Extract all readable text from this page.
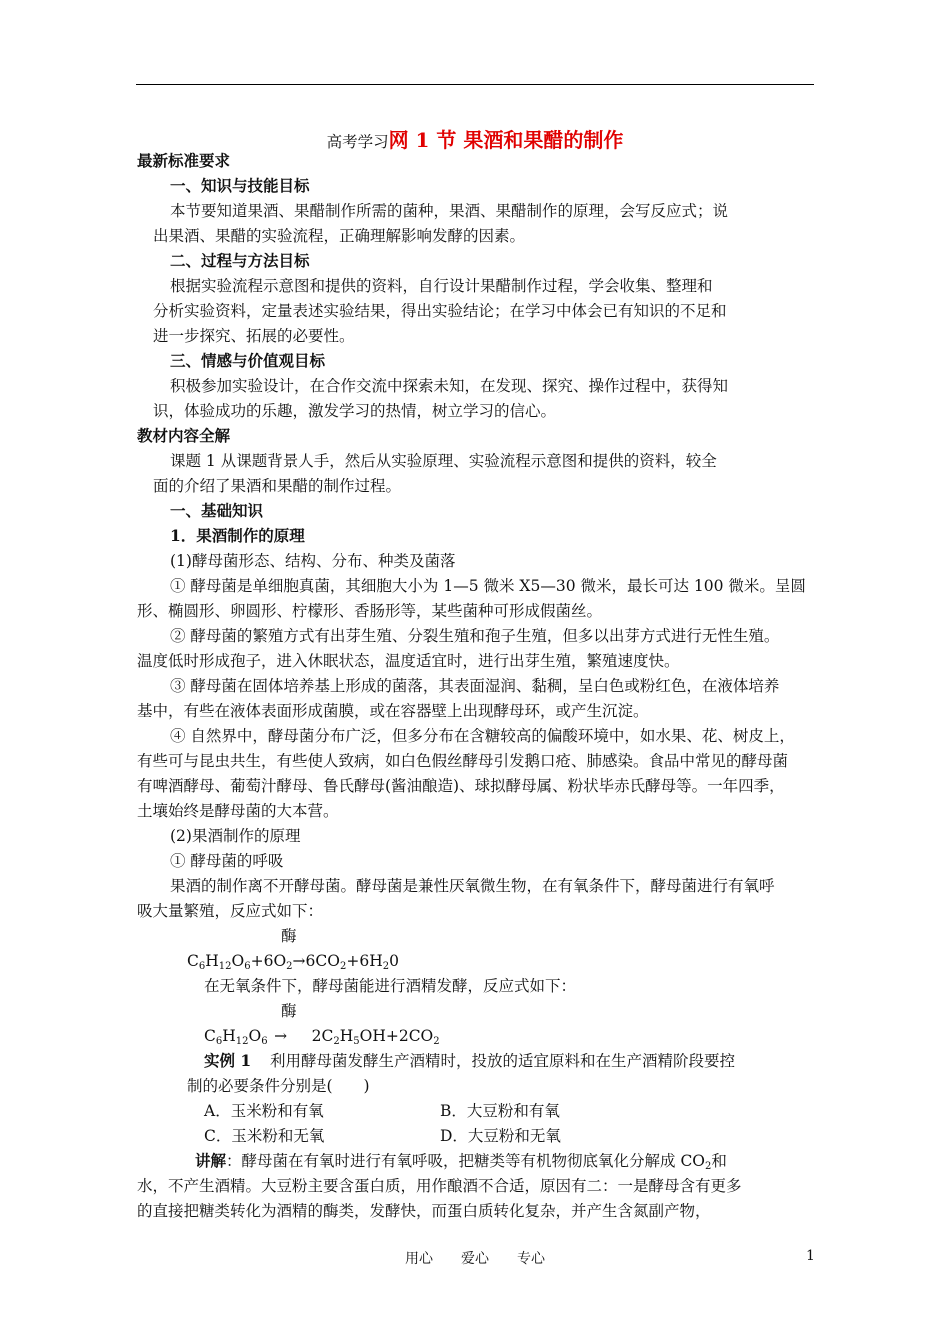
高考学习网 1 节 果酒和果醋的制作
最新标准要求
一、知识与技能目标
本节要知道果酒、果醋制作所需的菌种，果酒、果醋制作的原理，会写反应式；说
出果酒、果醋的实验流程，正确理解影响发酵的因素。
二、过程与方法目标
根据实验流程示意图和提供的资料，自行设计果醋制作过程，学会收集、整理和
分析实验资料，定量表述实验结果，得出实验结论；在学习中体会已有知识的不足和
进一步探究、拓展的必要性。
三、情感与价值观目标
积极参加实验设计，在合作交流中探索未知，在发现、探究、操作过程中，获得知
识，体验成功的乐趣，激发学习的热情，树立学习的信心。
教材内容全解
课题 1 从课题背景人手，然后从实验原理、实验流程示意图和提供的资料，较全
面的介绍了果酒和果醋的制作过程。
一、基础知识
1．果酒制作的原理
(1)酵母菌形态、结构、分布、种类及菌落
① 酵母菌是单细胞真菌，其细胞大小为 1—5 微米 X5—30 微米，最长可达 100 微米。呈圆
形、椭圆形、卵圆形、柠檬形、香肠形等，某些菌种可形成假菌丝。
② 酵母菌的繁殖方式有出芽生殖、分裂生殖和孢子生殖，但多以出芽方式进行无性生殖。
温度低时形成孢子，进入休眠状态，温度适宜时，进行出芽生殖，繁殖速度快。
③ 酵母菌在固体培养基上形成的菌落，其表面湿润、黏稠，呈白色或粉红色，在液体培养
基中，有些在液体表面形成菌膜，或在容器壁上出现酵母环，或产生沉淀。
④ 自然界中，酵母菌分布广泛，但多分布在含糖较高的偏酸环境中，如水果、花、树皮上，
有些可与昆虫共生，有些使人致病，如白色假丝酵母引发鹅口疮、肺感染。食品中常见的酵母菌
有啤酒酵母、葡萄汁酵母、鲁氏酵母(酱油酿造)、球拟酵母属、粉状毕赤氏酵母等。一年四季，
土壤始终是酵母菌的大本营。
(2)果酒制作的原理
① 酵母菌的呼吸
果酒的制作离不开酵母菌。酵母菌是兼性厌氧微生物，在有氧条件下，酵母菌进行有氧呼
吸大量繁殖，反应式如下：
酶
$C_6H_{12}O_6+6O_2\to 6CO_2+6H_20$
在无氧条件下，酵母菌能进行酒精发酵，反应式如下：
酶
$C_6H_{12}O_6 \to 2C_2H_5OH+2CO_2$
实例 1 利用酵母菌发酵生产酒精时，投放的适宜原料和在生产酒精阶段要控
制的必要条件分别是(　　)
A．玉米粉和有氧	B．大豆粉和有氧
C．玉米粉和无氧	D．大豆粉和无氧
讲解：酵母菌在有氧时进行有氧呼吸，把糖类等有机物彻底氧化分解成 $CO_2$和
水，不产生酒精。大豆粉主要含蛋白质，用作酿酒不合适，原因有二：一是酵母含有更多
的直接把糖类转化为酒精的酶类，发酵快，而蛋白质转化复杂，并产生含氮副产物，
用心 爱心 专心	1
